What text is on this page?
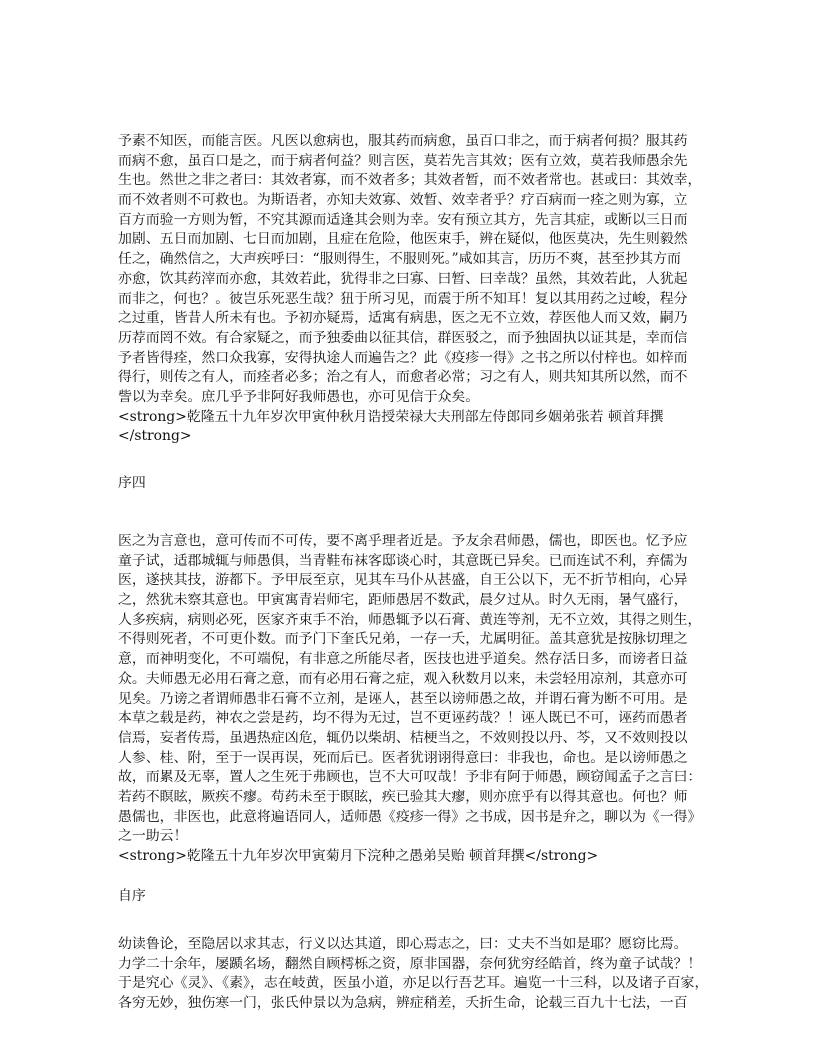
予素不知医，而能言医。凡医以愈病也，服其药而病愈，虽百口非之，而于病者何损？服其药
而病不愈，虽百口是之，而于病者何益？则言医，莫若先言其效；医有立效，莫若我师愚余先
生也。然世之非之者曰：其效者寡，而不效者多；其效者暂，而不效者常也。甚或曰：其效幸，
而不效者则不可救也。为斯语者，亦知夫效寡、效暂、效幸者乎？疗百病而一痊之则为寡，立
百方而验一方则为暂，不究其源而适逢其会则为幸。安有预立其方，先言其症，或断以三日而
加剧、五日而加剧、七日而加剧，且症在危险，他医束手，辨在疑似，他医莫决，先生则毅然
任之，确然信之，大声疾呼曰：“服则得生，不服则死。”咸如其言，历历不爽，甚至抄其方而
亦愈，饮其药滓而亦愈，其效若此，犹得非之曰寡、曰暂、曰幸哉？虽然，其效若此，人犹起
而非之，何也？。彼岂乐死恶生哉？狃于所习见，而震于所不知耳！复以其用药之过峻，程分
之过重，皆昔人所未有也。予初亦疑焉，适寓有病患，医之无不立效，荐医他人而又效，嗣乃
历荐而罔不效。有合家疑之，而予独委曲以征其信，群医驳之，而予独固执以证其是，幸而信
予者皆得痊，然口众我寡，安得执途人而遍告之？此《疫疹一得》之书之所以付梓也。如梓而
得行，则传之有人，而痊者必多；治之有人，而愈者必常；习之有人，则共知其所以然，而不
訾以为幸矣。庶几乎予非阿好我师愚也，亦可见信于众矣。
<strong>乾隆五十九年岁次甲寅仲秋月诰授荣禄大夫刑部左侍郎同乡姻弟张若 顿首拜撰
</strong>
序四
医之为言意也，意可传而不可传，要不离乎理者近是。予友余君师愚，儒也，即医也。忆予应
童子试，适郡城辄与师愚俱，当青鞋布袜客邸谈心时，其意既已异矣。已而连试不利，弃儒为
医，遂挟其技，游都下。予甲辰至京，见其车马仆从甚盛，自王公以下，无不折节相向，心异
之，然犹未察其意也。甲寅寓青岩师宅，距师愚居不数武，晨夕过从。时久无雨，暑气盛行，
人多疾病，病则必死，医家齐束手不治，师愚辄予以石膏、黄连等剂，无不立效，其得之则生，
不得则死者，不可更仆数。而予门下奎氏兄弟，一存一夭，尤属明征。盖其意犹是按脉切理之
意，而神明变化，不可端倪，有非意之所能尽者，医技也进乎道矣。然存活日多，而谤者日益
众。夫师愚无必用石膏之意，而有必用石膏之症，观入秋数月以来，未尝轻用凉剂，其意亦可
见矣。乃谤之者谓师愚非石膏不立剂，是诬人，甚至以谤师愚之故，并谓石膏为断不可用。是
本草之载是药，神农之尝是药，均不得为无过，岂不更诬药哉？！诬人既已不可，诬药而愚者
信焉，妄者传焉，虽遇热症凶危，辄仍以柴胡、桔梗当之，不效则投以丹、芩，又不效则投以
人参、桂、附，至于一误再误，死而后已。医者犹诩诩得意曰：非我也，命也。是以谤师愚之
故，而累及无辜，置人之生死于弗顾也，岂不大可叹哉！予非有阿于师愚，顾窃闻孟子之言曰：
若药不瞑眩，厥疾不瘳。苟药未至于瞑眩，疾已验其大瘳，则亦庶乎有以得其意也。何也？师
愚儒也，非医也，此意将遍语同人，适师愚《疫疹一得》之书成，因书是弁之，聊以为《一得》
之一助云！
<strong>乾隆五十九年岁次甲寅菊月下浣种之愚弟吴贻 顿首拜撰</strong>
自序
幼读鲁论，至隐居以求其志，行义以达其道，即心焉志之，曰：丈夫不当如是耶？愿窃比焉。
力学二十余年，屡踬名场，翻然自顾樗栎之资，原非国器，奈何犹穷经皓首，终为童子试哉？！
于是究心《灵》、《素》，志在岐黄，医虽小道，亦足以行吾艺耳。遍览一十三科，以及诸子百家，
各穷无妙，独伤寒一门，张氏仲景以为急病，辨症稍差，夭折生命，论载三百九十七法，一百
